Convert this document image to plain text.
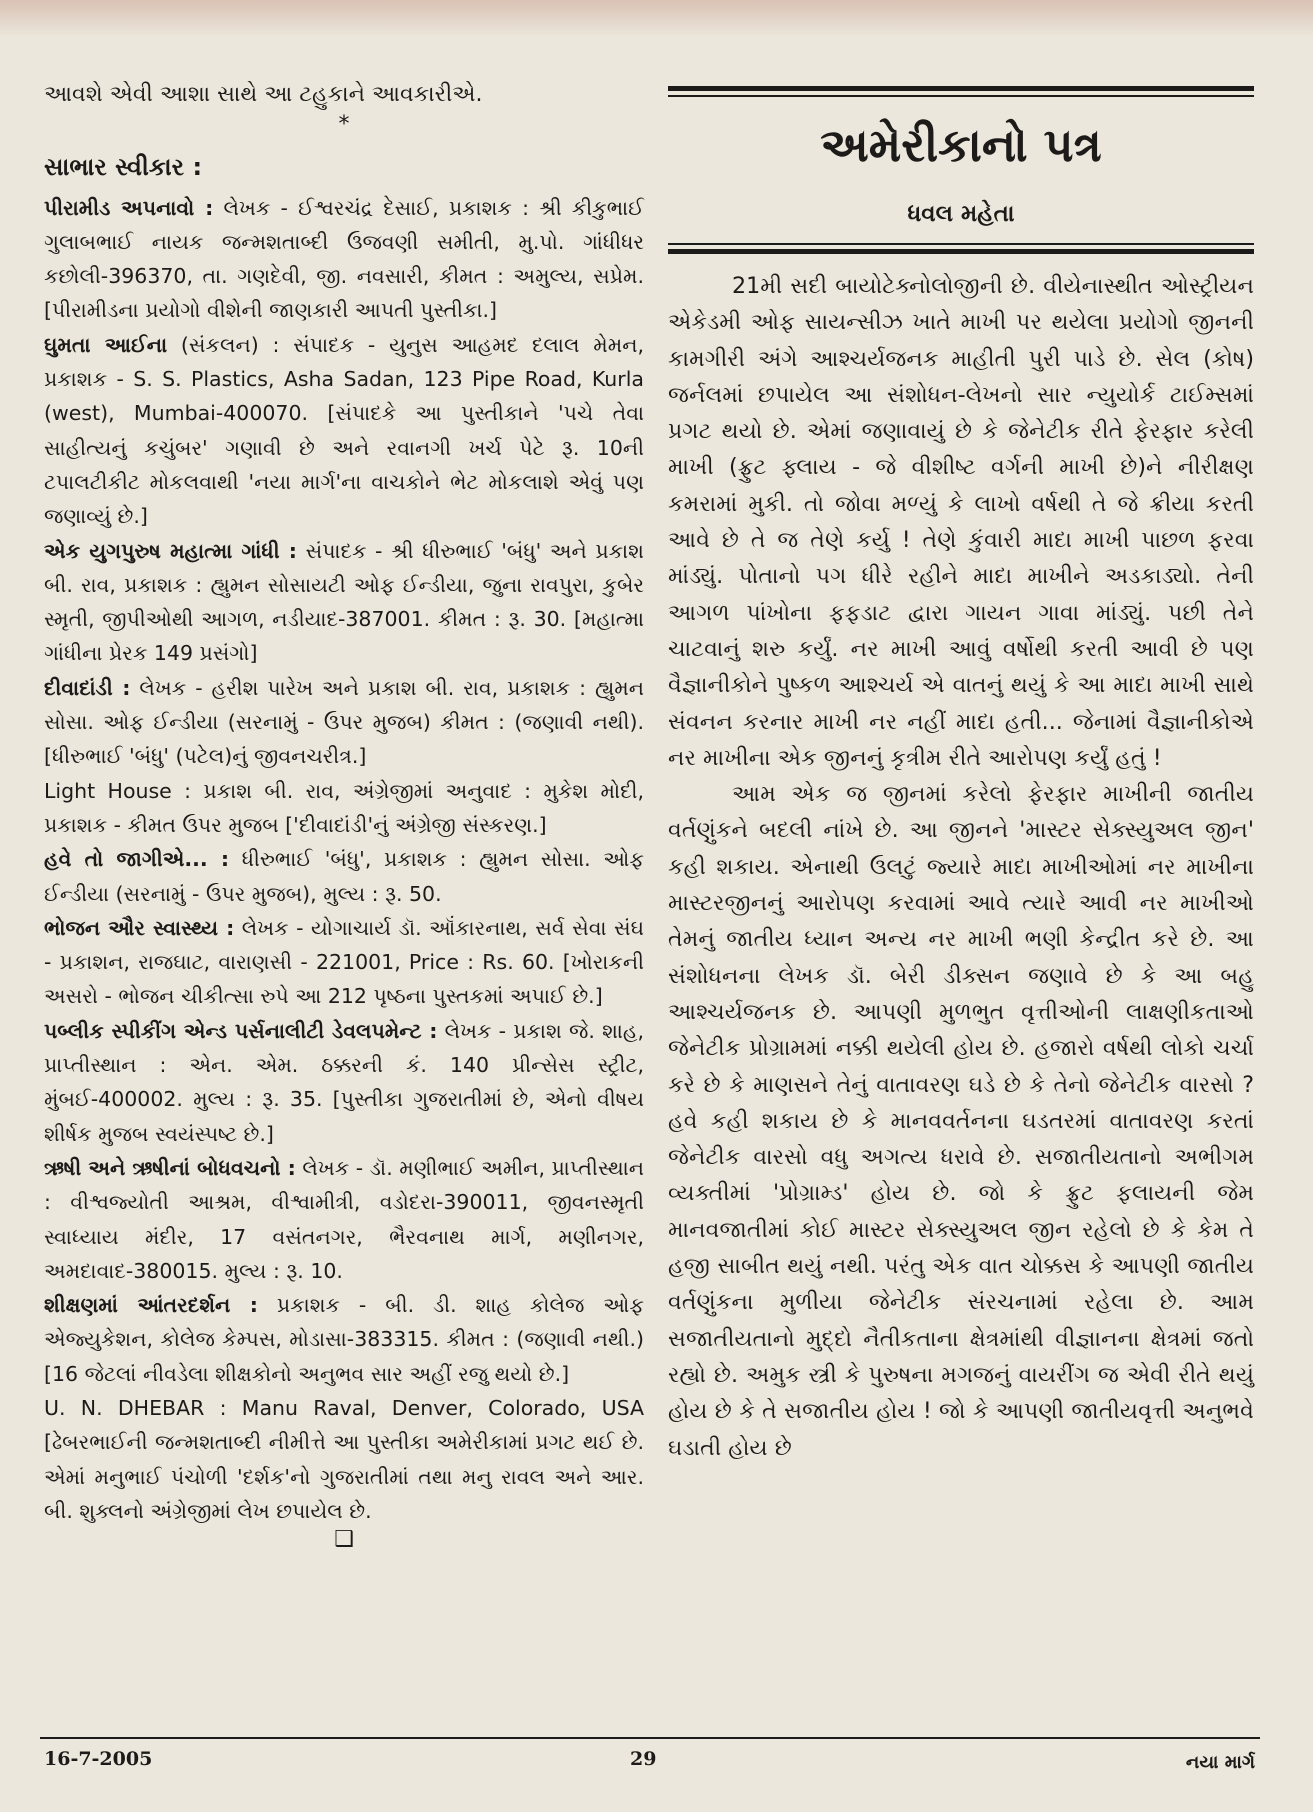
આવશે એવી આશા સાથે આ ટહુકાને આવકારીએ.

*

સાભાર સ્વીકાર :

પીરામીડ અપનાવો : લેખક - ઈશ્વરચંદ્ર દેસાઈ, પ્રકાશક : શ્રી કીકુભાઈ ગુલાબભાઈ નાયક જન્મશતાબ્દી ઉજવણી સમીતી, મુ.પો. ગાંધીધર કછોલી-396370, તા. ગણદેવી, જી. નવસારી, કીમત : અમુલ્ય, સપ્રેમ. [પીરામીડના પ્રયોગો વીશેની જાણકારી આપતી પુસ્તીકા.]

ઘુમતા આઈના (સંકલન) : સંપાદક - યુનુસ આહમદ દલાલ મેમન, પ્રકાશક - S. S. Plastics, Asha Sadan, 123 Pipe Road, Kurla (west), Mumbai-400070. [સંપાદકે આ પુસ્તીકાને 'પચે તેવા સાહીત્યનું કચુંબર' ગણાવી છે અને રવાનગી ખર્ચ પેટે રૂ. 10ની ટપાલટીકીટ મોકલવાથી 'નયા માર્ગ'ના વાચકોને ભેટ મોકલાશે એવું પણ જણાવ્યું છે.]

એક યુગપુરુષ મહાત્મા ગાંધી : સંપાદક - શ્રી ધીરુભાઈ 'બંધુ' અને પ્રકાશ બી. રાવ, પ્રકાશક : હ્યુમન સોસાયટી ઓફ ઈન્ડીયા, જુના રાવપુરા, કુબેર સ્મૃતી, જીપીઓથી આગળ, નડીયાદ-387001. કીમત : રૂ. 30. [મહાત્મા ગાંધીના પ્રેરક 149 પ્રસંગો]

દીવાદાંડી : લેખક - હરીશ પારેખ અને પ્રકાશ બી. રાવ, પ્રકાશક : હ્યુમન સોસા. ઓફ ઈન્ડીયા (સરનામું - ઉપર મુજબ) કીમત : (જણાવી નથી). [ધીરુભાઈ 'બંધુ' (પટેલ)નું જીવનચરીત્ર.]

Light House : પ્રકાશ બી. રાવ, અંગ્રેજીમાં અનુવાદ : મુકેશ મોદી, પ્રકાશક - કીમત ઉપર મુજબ ['દીવાદાંડી'નું અંગ્રેજી સંસ્કરણ.]

હવે તો જાગીએ... : ધીરુભાઈ 'બંધુ', પ્રકાશક : હ્યુમન સોસા. ઓફ ઈન્ડીયા (સરનામું - ઉપર મુજબ), મુલ્ય : રૂ. 50.

ભોજન ઔર સ્વાસ્થ્ય : લેખક - યોગાચાર્ય ડૉ. ઑંકારનાથ, સર્વ સેવા સંઘ - પ્રકાશન, રાજઘાટ, વારાણસી - 221001, Price : Rs. 60. [ખોરાકની અસરો - ભોજન ચીકીત્સા રુપે આ 212 પૃષ્ઠના પુસ્તકમાં અપાઈ છે.]

પબ્લીક સ્પીકીંગ એન્ડ પર્સનાલીટી ડેવલપમેન્ટ : લેખક - પ્રકાશ જે. શાહ, પ્રાપ્તીસ્થાન : એન. એમ. ઠક્કરની કં. 140 પ્રીન્સેસ સ્ટ્રીટ, મુંબઈ-400002. મુલ્ય : રૂ. 35. [પુસ્તીકા ગુજરાતીમાં છે, એનો વીષય શીર્ષક મુજબ સ્વયંસ્પષ્ટ છે.]

ઋષી અને ઋષીનાં બોધવચનો : લેખક - ડૉ. મણીભાઈ અમીન, પ્રાપ્તીસ્થાન : વીશ્વજ્યોતી આશ્રમ, વીશ્વામીત્રી, વડોદરા-390011, જીવનસ્મૃતી સ્વાધ્યાય મંદીર, 17 વસંતનગર, ભૈરવનાથ માર્ગ, મણીનગર, અમદાવાદ-380015. મુલ્ય : રૂ. 10.

શીક્ષણમાં આંતરદર્શન : પ્રકાશક - બી. ડી. શાહ કોલેજ ઓફ એજ્યુકેશન, કોલેજ કેમ્પસ, મોડાસા-383315. કીમત : (જણાવી નથી.) [16 જેટલાં નીવડેલા શીક્ષકોનો અનુભવ સાર અહીં રજુ થયો છે.]

U. N. DHEBAR : Manu Raval, Denver, Colorado, USA [ઢેબરભાઈની જન્મશતાબ્દી નીમીત્તે આ પુસ્તીકા અમેરીકામાં પ્રગટ થઈ છે. એમાં મનુભાઈ પંચોળી 'દર્શક'નો ગુજરાતીમાં તથા મનુ રાવલ અને આર. બી. શુક્લનો અંગ્રેજીમાં લેખ છપાયેલ છે.

❑

અમેરીકાનો પત્ર
ધવલ મહેતા

21મી સદી બાયોટેક્નોલોજીની છે. વીયેનાસ્થીત ઓસ્ટ્રીયન એકેડમી ઓફ સાયન્સીઝ ખાતે માખી પર થયેલા પ્રયોગો જીનની કામગીરી અંગે આશ્ચર્યજનક માહીતી પુરી પાડે છે. સેલ (કોષ) જર્નલમાં છપાયેલ આ સંશોધન-લેખનો સાર ન્યુયોર્ક ટાઈમ્સમાં પ્રગટ થયો છે. એમાં જણાવાયું છે કે જેનેટીક રીતે ફેરફાર કરેલી માખી (ફ્રુટ ફ્લાય - જે વીશીષ્ટ વર્ગની માખી છે)ને નીરીક્ષણ કમરામાં મુકી. તો જોવા મળ્યું કે લાખો વર્ષથી તે જે ક્રીયા કરતી આવે છે તે જ તેણે કર્યુ ! તેણે કુંવારી માદા માખી પાછળ ફરવા માંડ્યું. પોતાનો પગ ધીરે રહીને માદા માખીને અડકાડ્યો. તેની આગળ પાંખોના ફફડાટ દ્વારા ગાયન ગાવા માંડ્યું. પછી તેને ચાટવાનું શરુ કર્યું. નર માખી આવું વર્ષોથી કરતી આવી છે પણ વૈજ્ઞાનીકોને પુષ્કળ આશ્ચર્ય એ વાતનું થયું કે આ માદા માખી સાથે સંવનન કરનાર માખી નર નહીં માદા હતી... જેનામાં વૈજ્ઞાનીકોએ નર માખીના એક જીનનું કૃત્રીમ રીતે આરોપણ કર્યું હતું !

આમ એક જ જીનમાં કરેલો ફેરફાર માખીની જાતીય વર્તણુંકને બદલી નાંખે છે. આ જીનને 'માસ્ટર સેક્સ્યુઅલ જીન' કહી શકાય. એનાથી ઉલટું જ્યારે માદા માખીઓમાં નર માખીના માસ્ટરજીનનું આરોપણ કરવામાં આવે ત્યારે આવી નર માખીઓ તેમનું જાતીય ધ્યાન અન્ય નર માખી ભણી કેન્દ્રીત કરે છે. આ સંશોધનના લેખક ડૉ. બેરી ડીક્સન જણાવે છે કે આ બહુ આશ્ચર્યજનક છે. આપણી મુળભુત વૃત્તીઓની લાક્ષણીકતાઓ જેનેટીક પ્રોગ્રામમાં નક્કી થયેલી હોય છે. હજારો વર્ષથી લોકો ચર્ચા કરે છે કે માણસને તેનું વાતાવરણ ઘડે છે કે તેનો જેનેટીક વારસો ? હવે કહી શકાય છે કે માનવવર્તનના ઘડતરમાં વાતાવરણ કરતાં જેનેટીક વારસો વધુ અગત્ય ધરાવે છે. સજાતીયતાનો અભીગમ વ્યક્તીમાં 'પ્રોગ્રામ્ડ' હોય છે. જો કે ફ્રુટ ફલાયની જેમ માનવજાતીમાં કોઈ માસ્ટર સેક્સ્યુઅલ જીન રહેલો છે કે કેમ તે હજી સાબીત થયું નથી. પરંતુ એક વાત ચોક્કસ કે આપણી જાતીય વર્તણુંકના મુળીયા જેનેટીક સંરચનામાં રહેલા છે. આમ સજાતીયતાનો મુદ્દો નૈતીકતાના ક્ષેત્રમાંથી વીજ્ઞાનના ક્ષેત્રમાં જતો રહ્યો છે. અમુક સ્ત્રી કે પુરુષના મગજનું વાયરીંગ જ એવી રીતે થયું હોય છે કે તે સજાતીય હોય ! જો કે આપણી જાતીયવૃત્તી અનુભવે ઘડાતી હોય છે

16-7-2005	29	નયા માર્ગ
